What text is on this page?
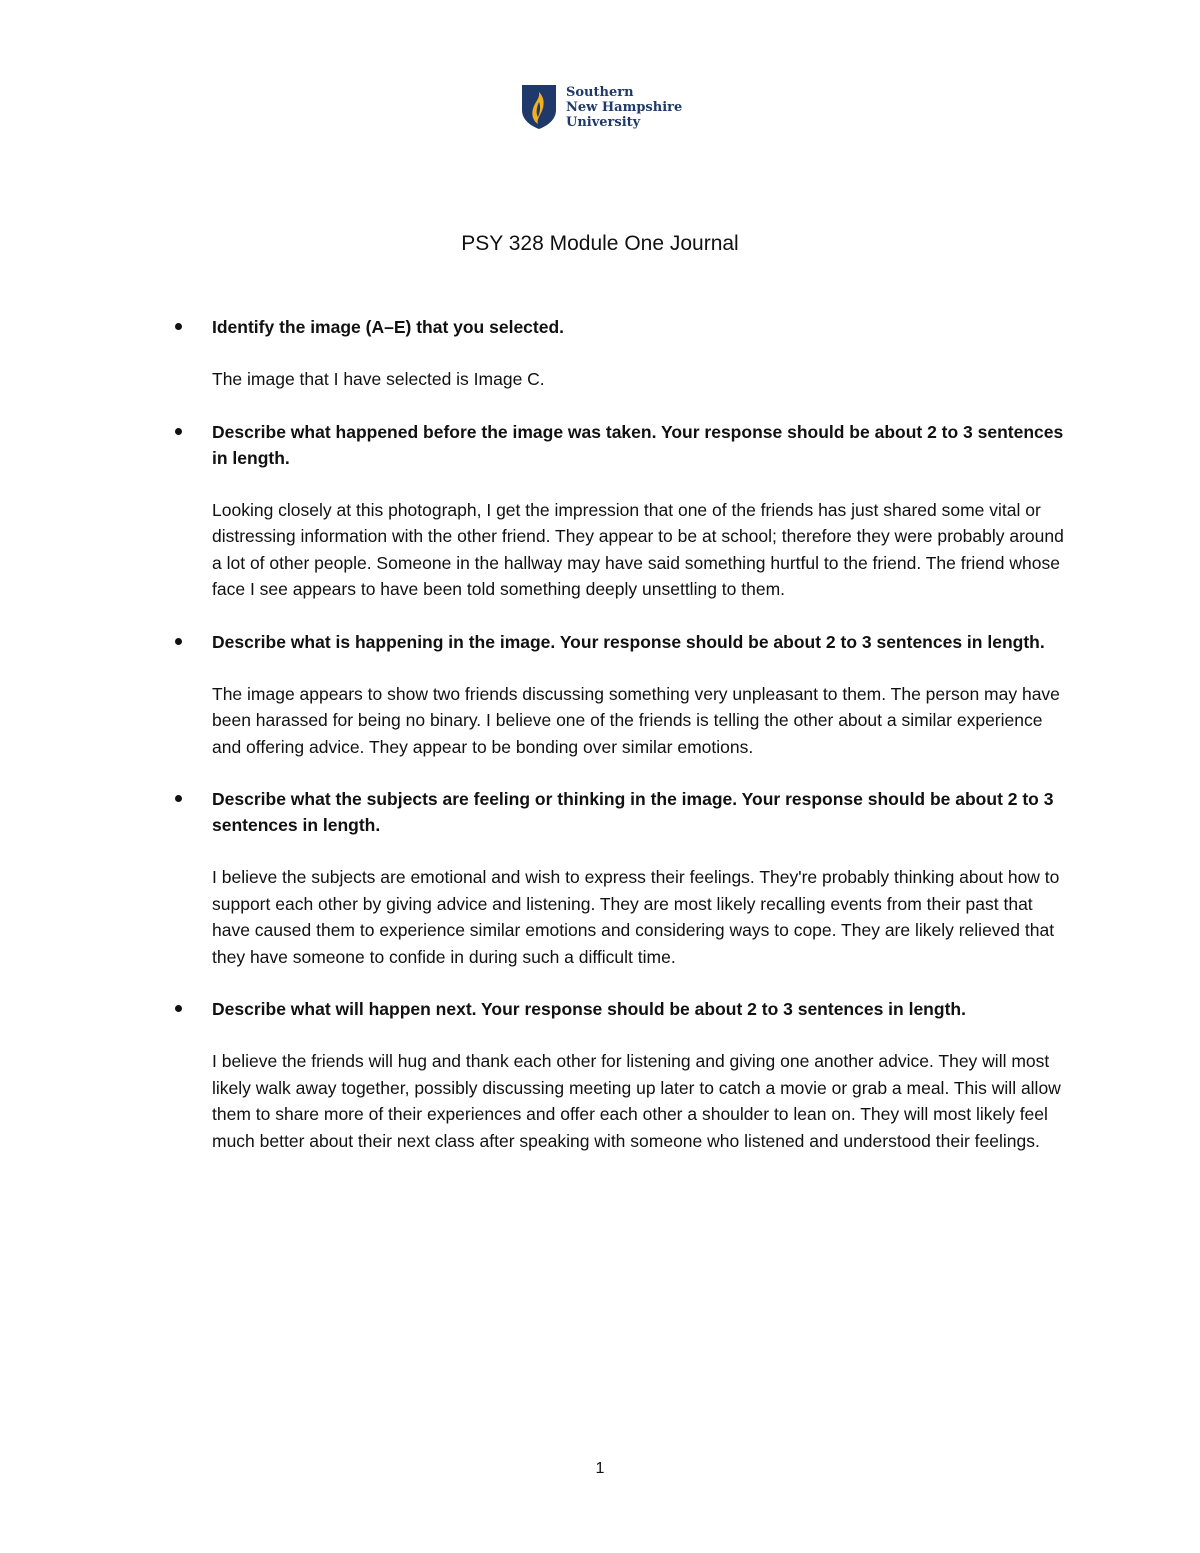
Southern
New Hampshire
University
PSY 328 Module One Journal

Identify the image (A–E) that you selected.

The image that I have selected is Image C.

Describe what happened before the image was taken. Your response should be about 2 to 3 sentences in length.

Looking closely at this photograph, I get the impression that one of the friends has just shared some vital or distressing information with the other friend. They appear to be at school; therefore they were probably around a lot of other people. Someone in the hallway may have said something hurtful to the friend. The friend whose face I see appears to have been told something deeply unsettling to them.

Describe what is happening in the image. Your response should be about 2 to 3 sentences in length.

The image appears to show two friends discussing something very unpleasant to them. The person may have been harassed for being no binary. I believe one of the friends is telling the other about a similar experience and offering advice. They appear to be bonding over similar emotions.

Describe what the subjects are feeling or thinking in the image. Your response should be about 2 to 3 sentences in length.

I believe the subjects are emotional and wish to express their feelings. They're probably thinking about how to support each other by giving advice and listening. They are most likely recalling events from their past that have caused them to experience similar emotions and considering ways to cope. They are likely relieved that they have someone to confide in during such a difficult time.

Describe what will happen next. Your response should be about 2 to 3 sentences in length.

I believe the friends will hug and thank each other for listening and giving one another advice. They will most likely walk away together, possibly discussing meeting up later to catch a movie or grab a meal. This will allow them to share more of their experiences and offer each other a shoulder to lean on. They will most likely feel much better about their next class after speaking with someone who listened and understood their feelings.

1
